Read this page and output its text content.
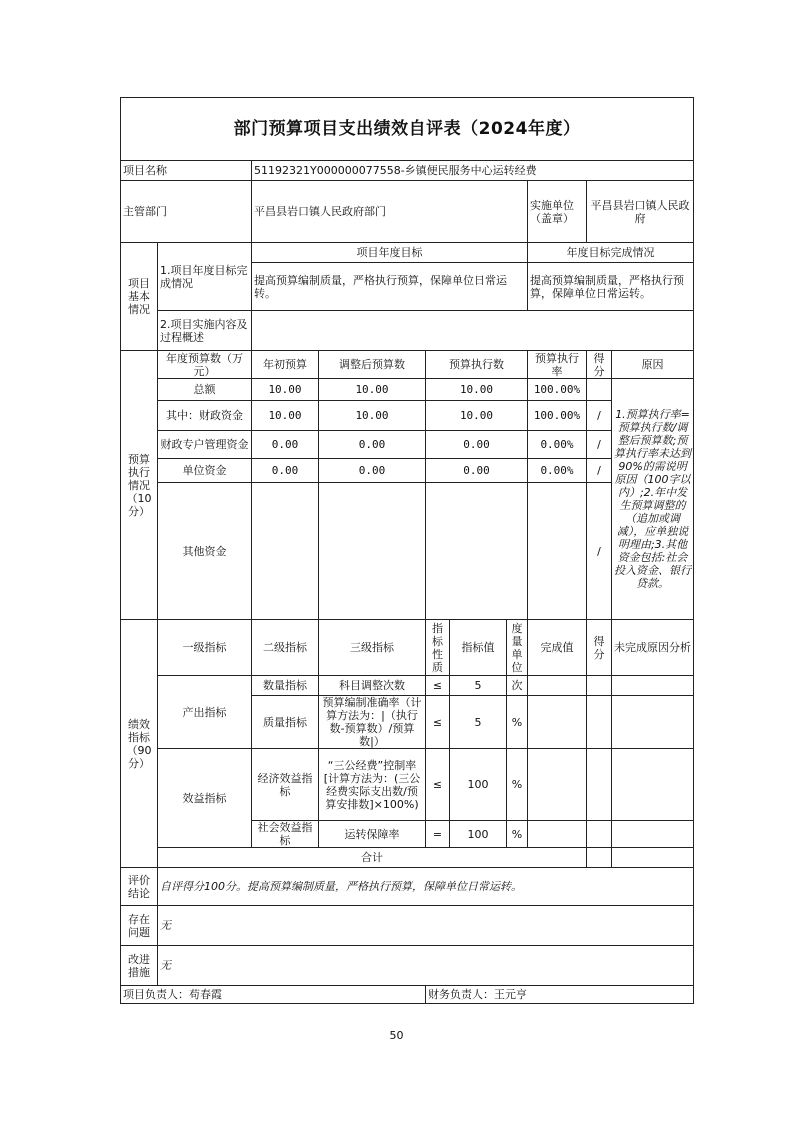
部门预算项目支出绩效自评表（2024年度）									
项目名称		51192321Y000000077558-乡镇便民服务中心运转经费							
主管部门		平昌县岩口镇人民政府部门					实施单位（盖章）	平昌县岩口镇人民政府	
项目基本情况	1.项目年度目标完成情况	项目年度目标					年度目标完成情况		
		提高预算编制质量，严格执行预算，保障单位日常运转。					提高预算编制质量，严格执行预算，保障单位日常运转。		
	2.项目实施内容及过程概述								

预算执行情况（10分）	年度预算数（万元）	年初预算	调整后预算数	预算执行数			预算执行率	得分	原因
	总额	10.00	10.00	10.00			100.00%		1.预算执行率=预算执行数/调整后预算数;预算执行率未达到90%的需说明原因（100字以内）;2.年中发生预算调整的（追加或调减），应单独说明理由;3.其他资金包括:社会投入资金、银行贷款。
	其中：财政资金	10.00	10.00	10.00			100.00%	/	
	财政专户管理资金	0.00	0.00	0.00			0.00%	/	
	单位资金	0.00	0.00	0.00			0.00%	/	
	其他资金							/	
绩效指标（90分）	一级指标	二级指标	三级指标	指标性质	指标值	度量单位	完成值	得分	未完成原因分析
	产出指标	数量指标	科目调整次数	≤	5	次			
		质量指标	预算编制准确率（计算方法为：|（执行数-预算数）/预算数|）	≤	5	%			
	效益指标	经济效益指标	“三公经费”控制率[计算方法为：(三公经费实际支出数/预算安排数]×100%)	≤	100	%			
		社会效益指标	运转保障率	=	100	%			
	合计								

评价结论	自评得分100分。提高预算编制质量，严格执行预算，保障单位日常运转。								
存在问题	无								
改进措施	无								
项目负责人：苟春霞				财务负责人：王元亨					
50
